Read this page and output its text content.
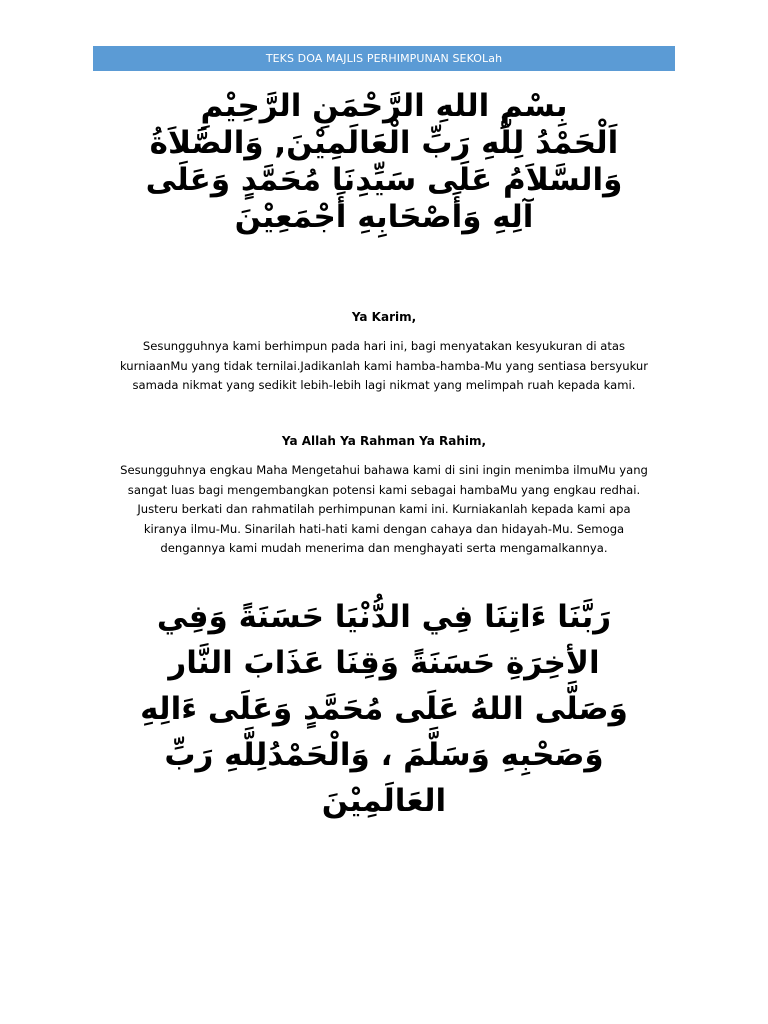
TEKS DOA MAJLIS PERHIMPUNAN SEKOLah
بِسْمِ اللهِ الرَّحْمَنِ الرَّحِيْمِ
اَلْحَمْدُ لِلَّهِ رَبِّ الْعَالَمِيْنَ, وَالصَّلاَةُ
وَالسَّلاَمُ عَلَى سَيِّدِنَا مُحَمَّدٍ وَعَلَى
آلِهِ وَأَصْحَابِهِ أَجْمَعِيْنَ
Ya Karim,
Sesungguhnya kami berhimpun pada hari ini, bagi menyatakan kesyukuran di atas
kurniaanMu yang tidak ternilai.Jadikanlah kami hamba-hamba-Mu yang sentiasa bersyukur
samada nikmat yang sedikit lebih-lebih lagi nikmat yang melimpah ruah kepada kami.
Ya Allah Ya Rahman Ya Rahim,
Sesungguhnya engkau Maha Mengetahui bahawa kami di sini ingin menimba ilmuMu yang
sangat luas bagi mengembangkan potensi kami sebagai hambaMu yang engkau redhai.
Justeru berkati dan rahmatilah perhimpunan kami ini. Kurniakanlah kepada kami apa
kiranya ilmu-Mu. Sinarilah hati-hati kami dengan cahaya dan hidayah-Mu. Semoga
dengannya kami mudah menerima dan menghayati serta mengamalkannya.
رَبَّنَا ءَاتِنَا فِي الدُّنْيَا حَسَنَةً وَفِي
الأخِرَةِ حَسَنَةً وَقِنَا عَذَابَ النَّار
وَصَلَّى اللهُ عَلَى مُحَمَّدٍ وَعَلَى ءَالِهِ
وَصَحْبِهِ وَسَلَّمَ ، وَالْحَمْدُلِلَّهِ رَبِّ
العَالَمِيْنَ
